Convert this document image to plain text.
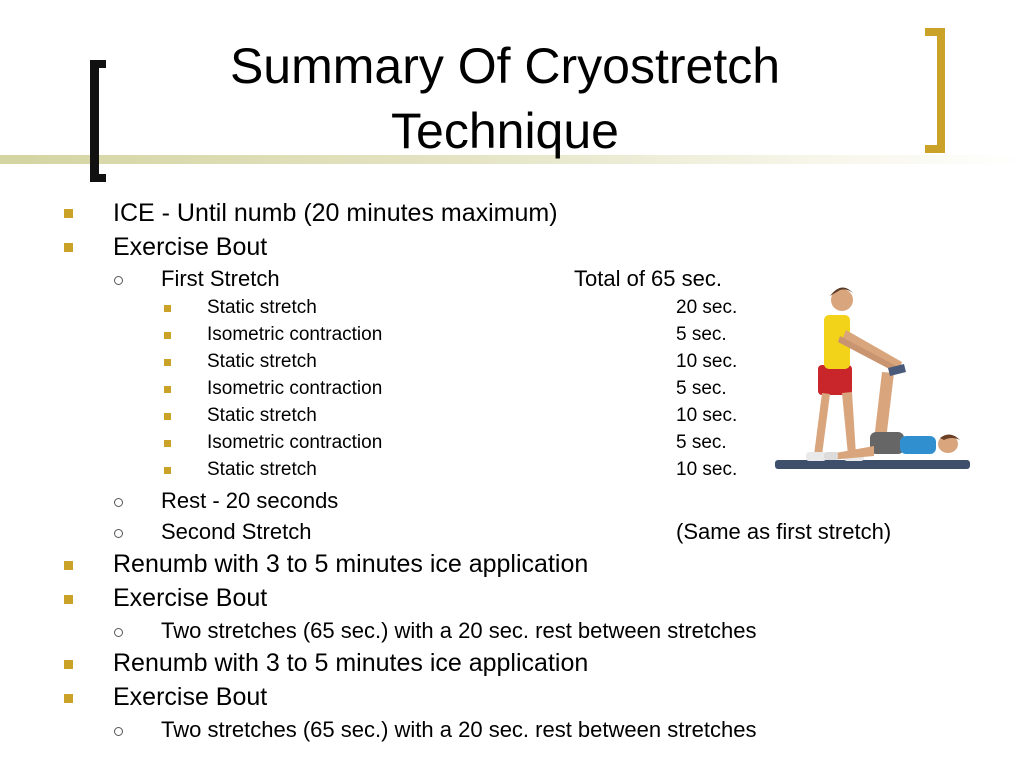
Summary Of Cryostretch Technique
ICE - Until numb (20 minutes maximum)
Exercise Bout
First Stretch	Total of 65 sec.
Static stretch	20 sec.
Isometric contraction	5 sec.
Static stretch	10 sec.
Isometric contraction	5 sec.
Static stretch	10 sec.
Isometric contraction	5 sec.
Static stretch	10 sec.
Rest - 20 seconds
Second Stretch	(Same as first stretch)
Renumb with 3 to 5 minutes ice application
Exercise Bout
Two stretches (65 sec.) with a 20 sec. rest between stretches
Renumb with 3 to 5 minutes ice application
Exercise Bout
Two stretches (65 sec.) with a 20 sec. rest between stretches
